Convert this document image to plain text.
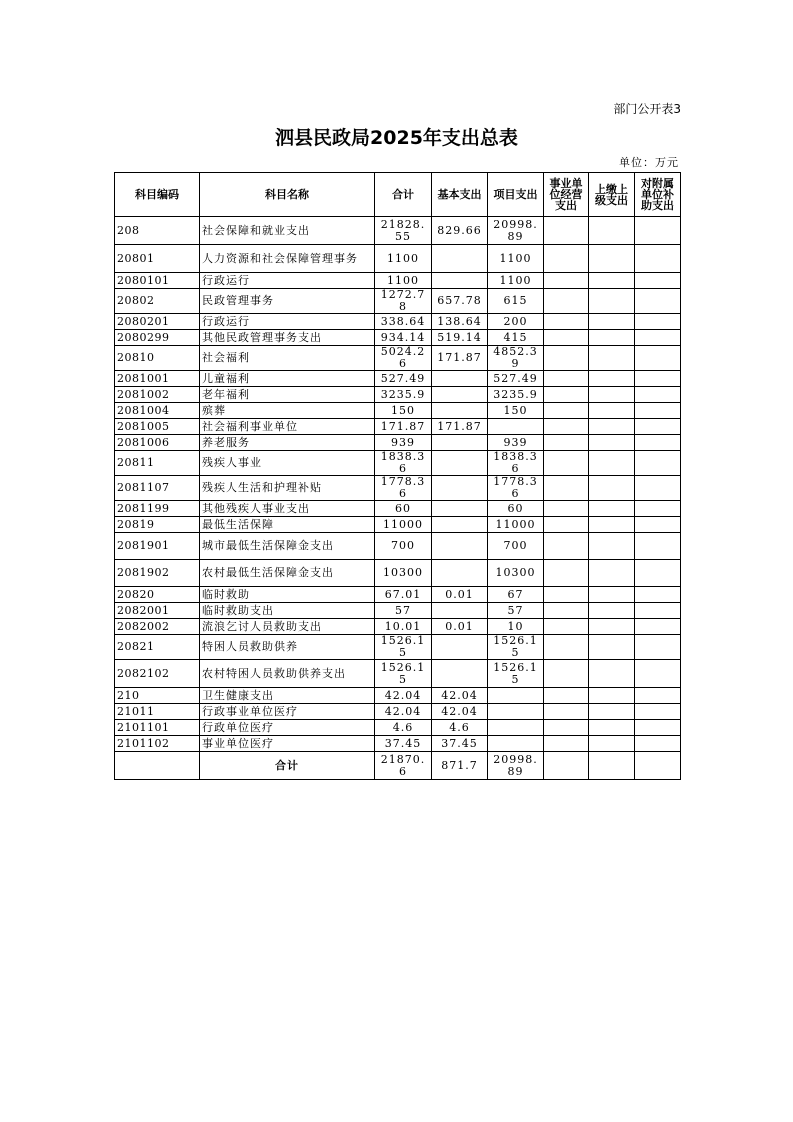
部门公开表3
泗县民政局2025年支出总表
单位：万元
科目编码	科目名称	合计	基本支出	项目支出	事业单位经营支出	上缴上级支出	对附属单位补助支出
208	社会保障和就业支出	21828.55	829.66	20998.89			
20801	人力资源和社会保障管理事务	1100		1100			
2080101	行政运行	1100		1100			
20802	民政管理事务	1272.78	657.78	615			
2080201	行政运行	338.64	138.64	200			
2080299	其他民政管理事务支出	934.14	519.14	415			
20810	社会福利	5024.26	171.87	4852.39			
2081001	儿童福利	527.49		527.49			
2081002	老年福利	3235.9		3235.9			
2081004	殡葬	150		150			
2081005	社会福利事业单位	171.87	171.87				
2081006	养老服务	939		939			
20811	残疾人事业	1838.36		1838.36			
2081107	残疾人生活和护理补贴	1778.36		1778.36			
2081199	其他残疾人事业支出	60		60			
20819	最低生活保障	11000		11000			
2081901	城市最低生活保障金支出	700		700			
2081902	农村最低生活保障金支出	10300		10300			
20820	临时救助	67.01	0.01	67			
2082001	临时救助支出	57		57			
2082002	流浪乞讨人员救助支出	10.01	0.01	10			
20821	特困人员救助供养	1526.15		1526.15			
2082102	农村特困人员救助供养支出	1526.15		1526.15			
210	卫生健康支出	42.04	42.04				
21011	行政事业单位医疗	42.04	42.04				
2101101	行政单位医疗	4.6	4.6				
2101102	事业单位医疗	37.45	37.45				
	合计	21870.6	871.7	20998.89			
